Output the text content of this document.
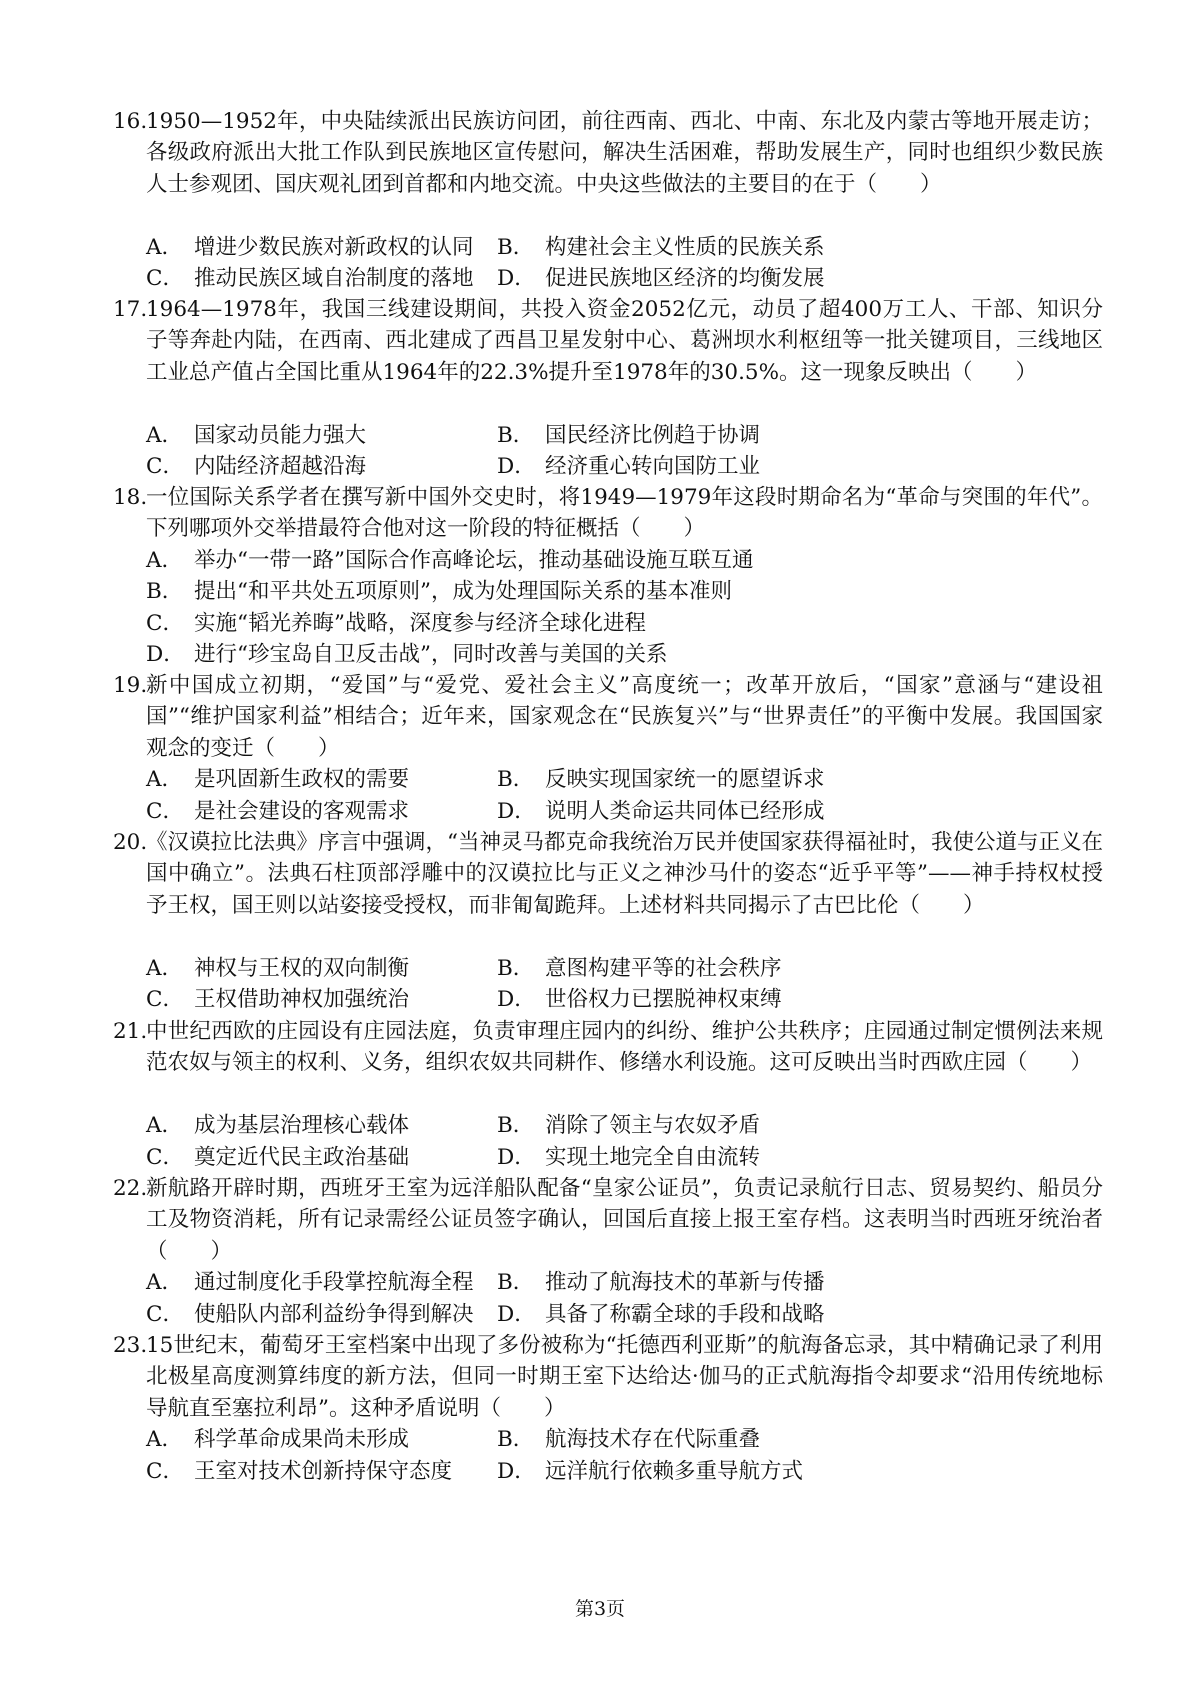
16.
1950—1952年，中央陆续派出民族访问团，前往西南、西北、中南、东北及内蒙古等地开展走访；各级政府派出大批工作队到民族地区宣传慰问，解决生活困难，帮助发展生产，同时也组织少数民族人士参观团、国庆观礼团到首都和内地交流。中央这些做法的主要目的在于（　　）
A． 增进少数民族对新政权的认同 B． 构建社会主义性质的民族关系
C． 推动民族区域自治制度的落地 D． 促进民族地区经济的均衡发展
17.
1964—1978年，我国三线建设期间，共投入资金2052亿元，动员了超400万工人、干部、知识分子等奔赴内陆，在西南、西北建成了西昌卫星发射中心、葛洲坝水利枢纽等一批关键项目，三线地区工业总产值占全国比重从1964年的22.3%提升至1978年的30.5%。这一现象反映出（　　）
A． 国家动员能力强大	B． 国民经济比例趋于协调
C． 内陆经济超越沿海	D． 经济重心转向国防工业
18.
一位国际关系学者在撰写新中国外交史时，将1949—1979年这段时期命名为“革命与突围的年代”。下列哪项外交举措最符合他对这一阶段的特征概括（　　）
A． 举办“一带一路”国际合作高峰论坛，推动基础设施互联互通
B． 提出“和平共处五项原则”，成为处理国际关系的基本准则
C． 实施“韬光养晦”战略，深度参与经济全球化进程
D． 进行“珍宝岛自卫反击战”，同时改善与美国的关系
19.
新中国成立初期，“爱国”与“爱党、爱社会主义”高度统一；改革开放后，“国家”意涵与“建设祖国”“维护国家利益”相结合；近年来，国家观念在“民族复兴”与“世界责任”的平衡中发展。我国国家观念的变迁（　　）
A． 是巩固新生政权的需要	B． 反映实现国家统一的愿望诉求
C． 是社会建设的客观需求	D． 说明人类命运共同体已经形成
20.
《汉谟拉比法典》序言中强调，“当神灵马都克命我统治万民并使国家获得福祉时，我使公道与正义在国中确立”。法典石柱顶部浮雕中的汉谟拉比与正义之神沙马什的姿态“近乎平等”——神手持权杖授予王权，国王则以站姿接受授权，而非匍匐跪拜。上述材料共同揭示了古巴比伦（　　）
A． 神权与王权的双向制衡	B． 意图构建平等的社会秩序
C． 王权借助神权加强统治	D． 世俗权力已摆脱神权束缚
21.
中世纪西欧的庄园设有庄园法庭，负责审理庄园内的纠纷、维护公共秩序；庄园通过制定惯例法来规范农奴与领主的权利、义务，组织农奴共同耕作、修缮水利设施。这可反映出当时西欧庄园（　　）
A． 成为基层治理核心载体	B． 消除了领主与农奴矛盾
C． 奠定近代民主政治基础	D． 实现土地完全自由流转
22.
新航路开辟时期，西班牙王室为远洋船队配备“皇家公证员”，负责记录航行日志、贸易契约、船员分工及物资消耗，所有记录需经公证员签字确认，回国后直接上报王室存档。这表明当时西班牙统治者（　　）
A． 通过制度化手段掌控航海全程 B． 推动了航海技术的革新与传播
C． 使船队内部利益纷争得到解决 D． 具备了称霸全球的手段和战略
23.
15世纪末，葡萄牙王室档案中出现了多份被称为“托德西利亚斯”的航海备忘录，其中精确记录了利用北极星高度测算纬度的新方法，但同一时期王室下达给达·伽马的正式航海指令却要求“沿用传统地标导航直至塞拉利昂”。这种矛盾说明（　　）
A． 科学革命成果尚未形成	B． 航海技术存在代际重叠
C． 王室对技术创新持保守态度 D． 远洋航行依赖多重导航方式
第3页
